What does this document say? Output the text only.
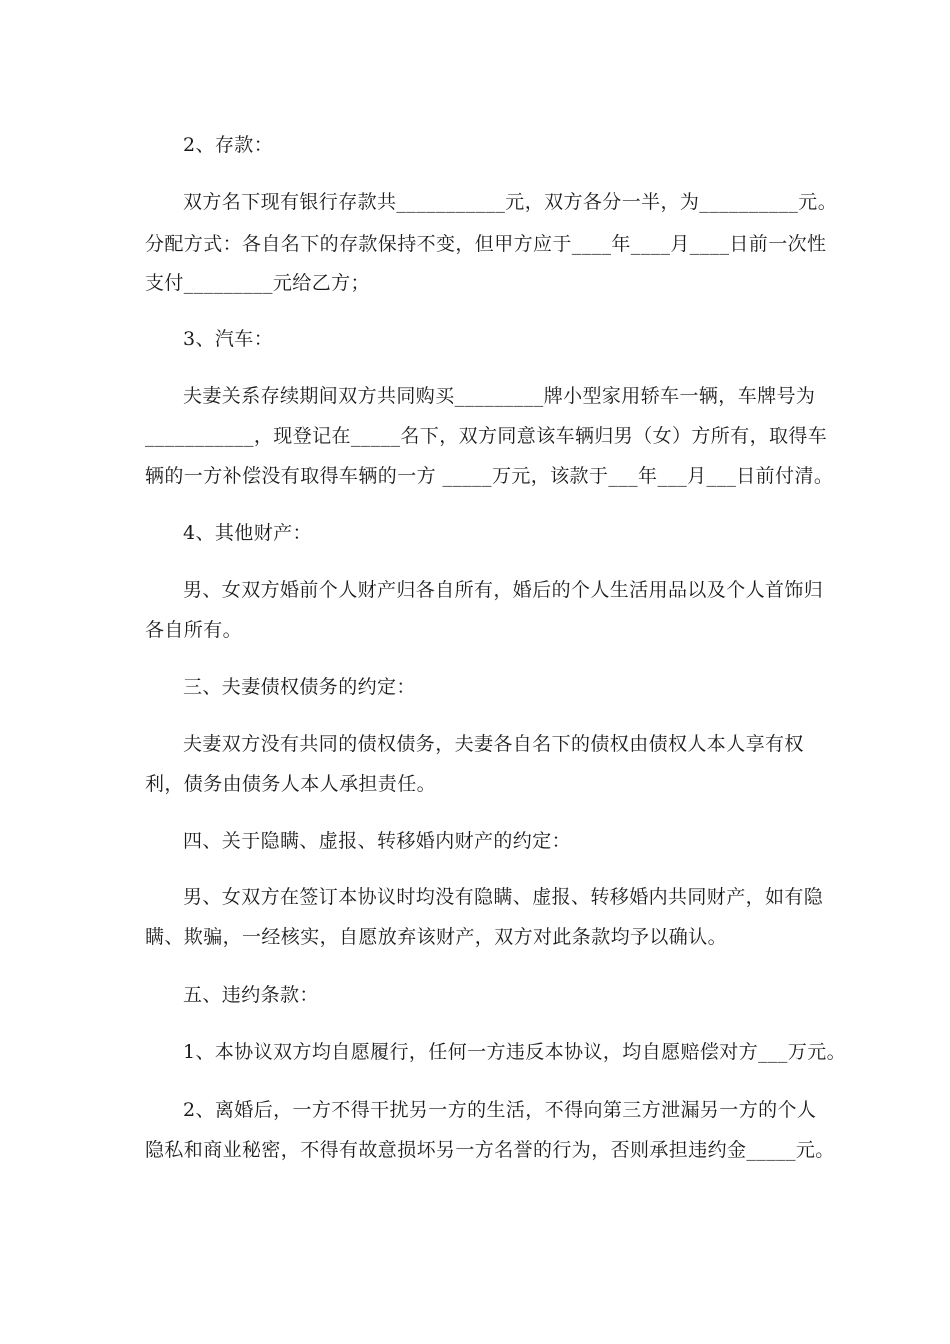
2、存款：
双方名下现有银行存款共___________元，双方各分一半，为__________元。
分配方式：各自名下的存款保持不变，但甲方应于____年____月____日前一次性
支付_________元给乙方；
3、汽车：
夫妻关系存续期间双方共同购买_________牌小型家用轿车一辆，车牌号为
___________，现登记在_____名下，双方同意该车辆归男（女）方所有，取得车
辆的一方补偿没有取得车辆的一方 _____万元，该款于___年___月___日前付清。
4、其他财产：
男、女双方婚前个人财产归各自所有，婚后的个人生活用品以及个人首饰归
各自所有。
三、夫妻债权债务的约定：
夫妻双方没有共同的债权债务，夫妻各自名下的债权由债权人本人享有权
利，债务由债务人本人承担责任。
四、关于隐瞒、虚报、转移婚内财产的约定：
男、女双方在签订本协议时均没有隐瞒、虚报、转移婚内共同财产，如有隐
瞒、欺骗，一经核实，自愿放弃该财产，双方对此条款均予以确认。
五、违约条款：
1、本协议双方均自愿履行，任何一方违反本协议，均自愿赔偿对方___万元。
2、离婚后，一方不得干扰另一方的生活，不得向第三方泄漏另一方的个人
隐私和商业秘密，不得有故意损坏另一方名誉的行为，否则承担违约金_____元。
